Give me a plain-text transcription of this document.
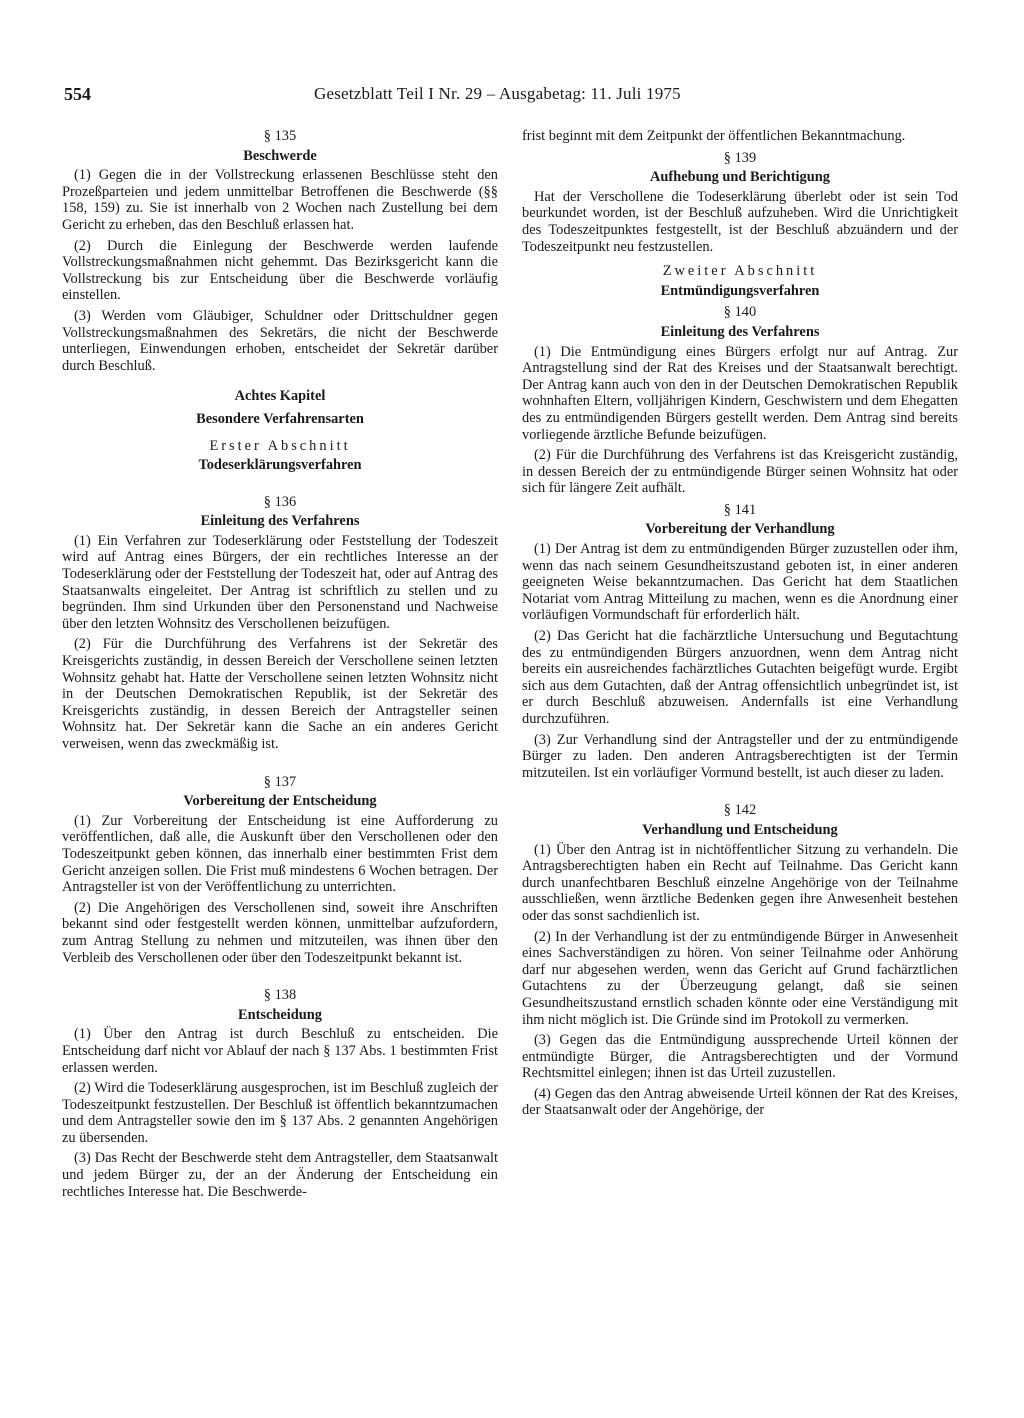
554	Gesetzblatt Teil I Nr. 29 – Ausgabetag: 11. Juli 1975
§ 135
Beschwerde

(1) Gegen die in der Vollstreckung erlassenen Beschlüsse steht den Prozeßparteien und jedem unmittelbar Betroffenen die Beschwerde (§§ 158, 159) zu. Sie ist innerhalb von 2 Wochen nach Zustellung bei dem Gericht zu erheben, das den Beschluß erlassen hat.

(2) Durch die Einlegung der Beschwerde werden laufende Vollstreckungsmaßnahmen nicht gehemmt. Das Bezirksgericht kann die Vollstreckung bis zur Entscheidung über die Beschwerde vorläufig einstellen.

(3) Werden vom Gläubiger, Schuldner oder Drittschuldner gegen Vollstreckungsmaßnahmen des Sekretärs, die nicht der Beschwerde unterliegen, Einwendungen erhoben, entscheidet der Sekretär darüber durch Beschluß.

Achtes Kapitel
Besondere Verfahrensarten
Erster Abschnitt
Todeserklärungsverfahren
§ 136
Einleitung des Verfahrens

(1) Ein Verfahren zur Todeserklärung oder Feststellung der Todeszeit wird auf Antrag eines Bürgers, der ein rechtliches Interesse an der Todeserklärung oder der Feststellung der Todeszeit hat, oder auf Antrag des Staatsanwalts eingeleitet. Der Antrag ist schriftlich zu stellen und zu begründen. Ihm sind Urkunden über den Personenstand und Nachweise über den letzten Wohnsitz des Verschollenen beizufügen.

(2) Für die Durchführung des Verfahrens ist der Sekretär des Kreisgerichts zuständig, in dessen Bereich der Verschollene seinen letzten Wohnsitz gehabt hat. Hatte der Verschollene seinen letzten Wohnsitz nicht in der Deutschen Demokratischen Republik, ist der Sekretär des Kreisgerichts zuständig, in dessen Bereich der Antragsteller seinen Wohnsitz hat. Der Sekretär kann die Sache an ein anderes Gericht verweisen, wenn das zweckmäßig ist.

§ 137
Vorbereitung der Entscheidung

(1) Zur Vorbereitung der Entscheidung ist eine Aufforderung zu veröffentlichen, daß alle, die Auskunft über den Verschollenen oder den Todeszeitpunkt geben können, das innerhalb einer bestimmten Frist dem Gericht anzeigen sollen. Die Frist muß mindestens 6 Wochen betragen. Der Antragsteller ist von der Veröffentlichung zu unterrichten.

(2) Die Angehörigen des Verschollenen sind, soweit ihre Anschriften bekannt sind oder festgestellt werden können, unmittelbar aufzufordern, zum Antrag Stellung zu nehmen und mitzuteilen, was ihnen über den Verbleib des Verschollenen oder über den Todeszeitpunkt bekannt ist.

§ 138
Entscheidung

(1) Über den Antrag ist durch Beschluß zu entscheiden. Die Entscheidung darf nicht vor Ablauf der nach § 137 Abs. 1 bestimmten Frist erlassen werden.

(2) Wird die Todeserklärung ausgesprochen, ist im Beschluß zugleich der Todeszeitpunkt festzustellen. Der Beschluß ist öffentlich bekanntzumachen und dem Antragsteller sowie den im § 137 Abs. 2 genannten Angehörigen zu übersenden.

(3) Das Recht der Beschwerde steht dem Antragsteller, dem Staatsanwalt und jedem Bürger zu, der an der Änderung der Entscheidung ein rechtliches Interesse hat. Die Beschwerde-

frist beginnt mit dem Zeitpunkt der öffentlichen Bekanntmachung.

§ 139
Aufhebung und Berichtigung

Hat der Verschollene die Todeserklärung überlebt oder ist sein Tod beurkundet worden, ist der Beschluß aufzuheben. Wird die Unrichtigkeit des Todeszeitpunktes festgestellt, ist der Beschluß abzuändern und der Todeszeitpunkt neu festzustellen.

Zweiter Abschnitt
Entmündigungsverfahren
§ 140
Einleitung des Verfahrens

(1) Die Entmündigung eines Bürgers erfolgt nur auf Antrag. Zur Antragstellung sind der Rat des Kreises und der Staatsanwalt berechtigt. Der Antrag kann auch von den in der Deutschen Demokratischen Republik wohnhaften Eltern, volljährigen Kindern, Geschwistern und dem Ehegatten des zu entmündigenden Bürgers gestellt werden. Dem Antrag sind bereits vorliegende ärztliche Befunde beizufügen.

(2) Für die Durchführung des Verfahrens ist das Kreisgericht zuständig, in dessen Bereich der zu entmündigende Bürger seinen Wohnsitz hat oder sich für längere Zeit aufhält.

§ 141
Vorbereitung der Verhandlung

(1) Der Antrag ist dem zu entmündigenden Bürger zuzustellen oder ihm, wenn das nach seinem Gesundheitszustand geboten ist, in einer anderen geeigneten Weise bekanntzumachen. Das Gericht hat dem Staatlichen Notariat vom Antrag Mitteilung zu machen, wenn es die Anordnung einer vorläufigen Vormundschaft für erforderlich hält.

(2) Das Gericht hat die fachärztliche Untersuchung und Begutachtung des zu entmündigenden Bürgers anzuordnen, wenn dem Antrag nicht bereits ein ausreichendes fachärztliches Gutachten beigefügt wurde. Ergibt sich aus dem Gutachten, daß der Antrag offensichtlich unbegründet ist, ist er durch Beschluß abzuweisen. Andernfalls ist eine Verhandlung durchzuführen.

(3) Zur Verhandlung sind der Antragsteller und der zu entmündigende Bürger zu laden. Den anderen Antragsberechtigten ist der Termin mitzuteilen. Ist ein vorläufiger Vormund bestellt, ist auch dieser zu laden.

§ 142
Verhandlung und Entscheidung

(1) Über den Antrag ist in nichtöffentlicher Sitzung zu verhandeln. Die Antragsberechtigten haben ein Recht auf Teilnahme. Das Gericht kann durch unanfechtbaren Beschluß einzelne Angehörige von der Teilnahme ausschließen, wenn ärztliche Bedenken gegen ihre Anwesenheit bestehen oder das sonst sachdienlich ist.

(2) In der Verhandlung ist der zu entmündigende Bürger in Anwesenheit eines Sachverständigen zu hören. Von seiner Teilnahme oder Anhörung darf nur abgesehen werden, wenn das Gericht auf Grund fachärztlichen Gutachtens zu der Überzeugung gelangt, daß sie seinen Gesundheitszustand ernstlich schaden könnte oder eine Verständigung mit ihm nicht möglich ist. Die Gründe sind im Protokoll zu vermerken.

(3) Gegen das die Entmündigung aussprechende Urteil können der entmündigte Bürger, die Antragsberechtigten und der Vormund Rechtsmittel einlegen; ihnen ist das Urteil zuzustellen.

(4) Gegen das den Antrag abweisende Urteil können der Rat des Kreises, der Staatsanwalt oder der Angehörige, der
